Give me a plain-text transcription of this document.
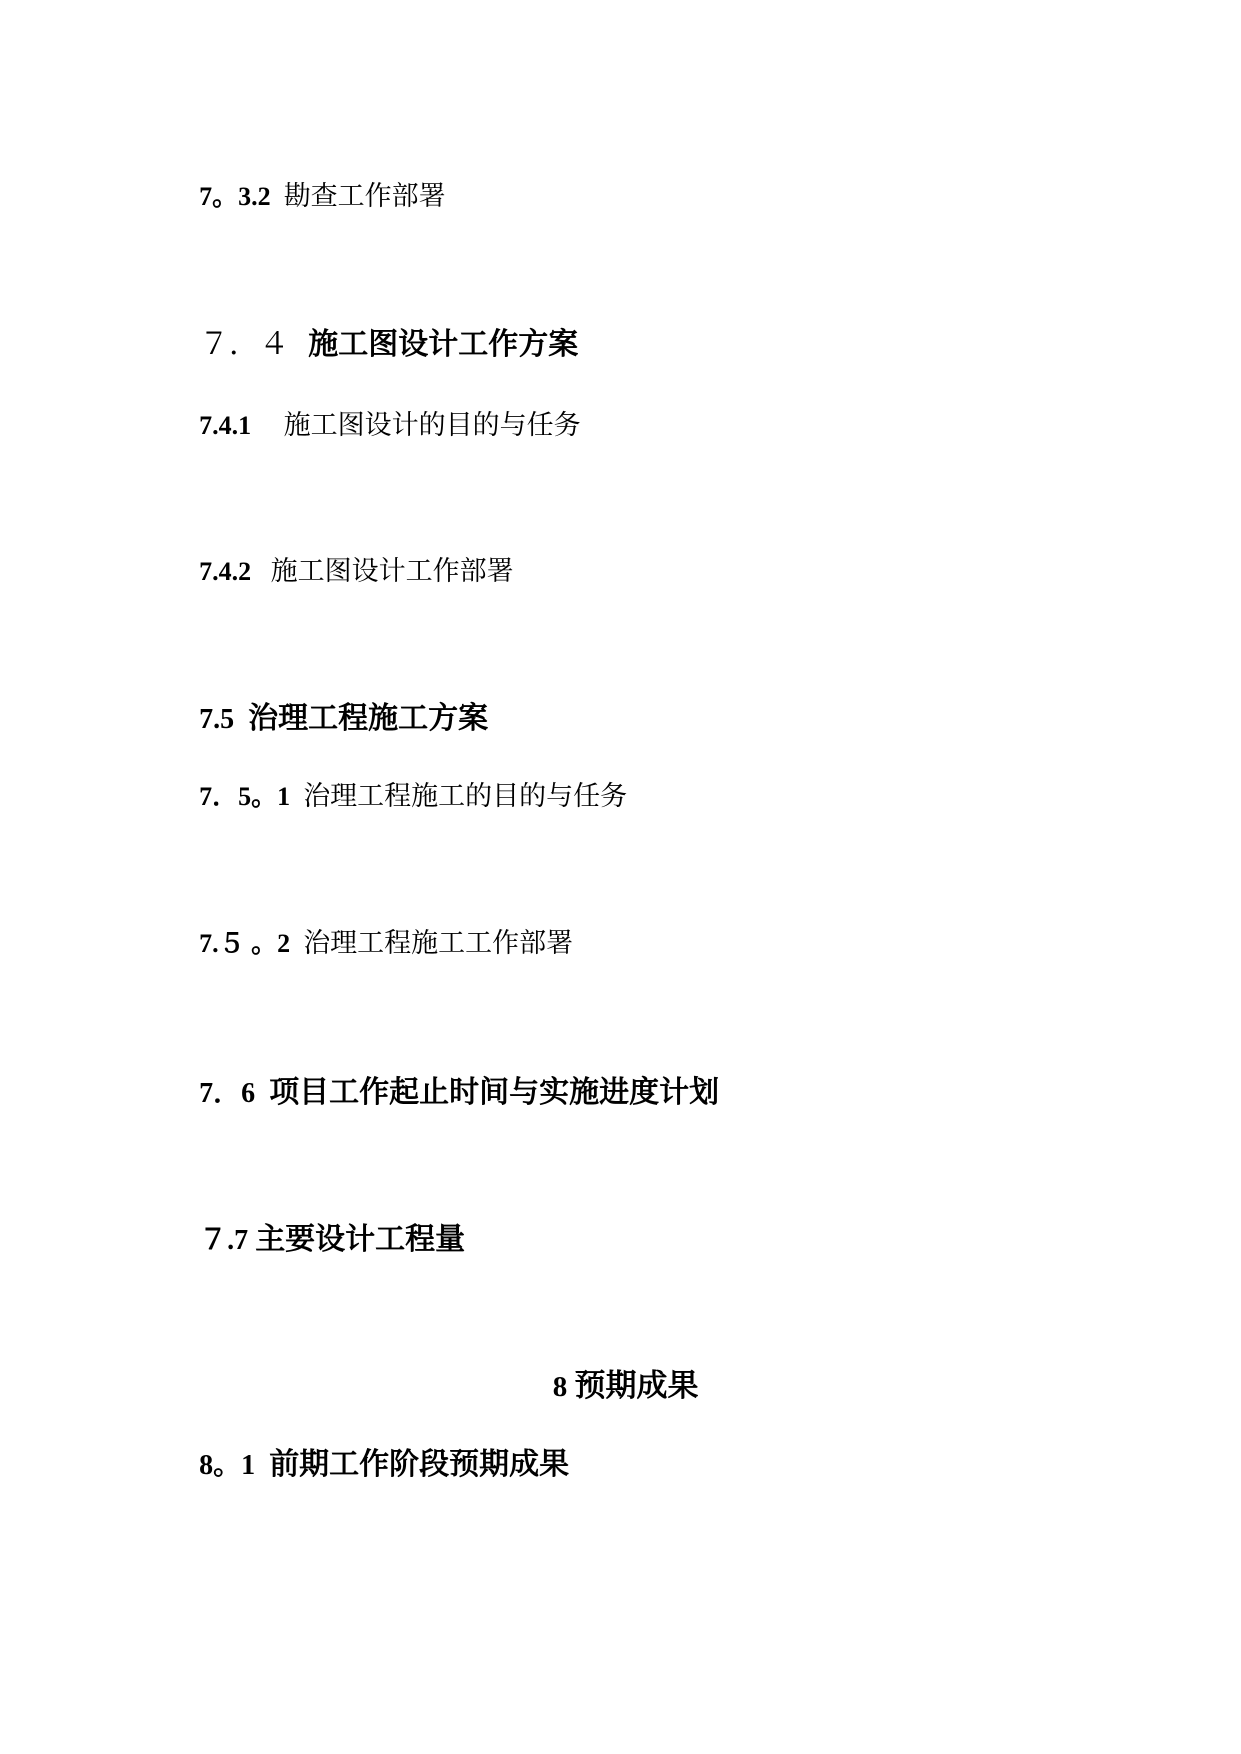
7。3.2  勘查工作部署

７．４  施工图设计工作方案

7.4.1     施工图设计的目的与任务

7.4.2   施工图设计工作部署

7.5  治理工程施工方案

7．5。1  治理工程施工的目的与任务

7.５ 。2  治理工程施工工作部署

7．6  项目工作起止时间与实施进度计划

７.7 主要设计工程量

8 预期成果

8。1  前期工作阶段预期成果
